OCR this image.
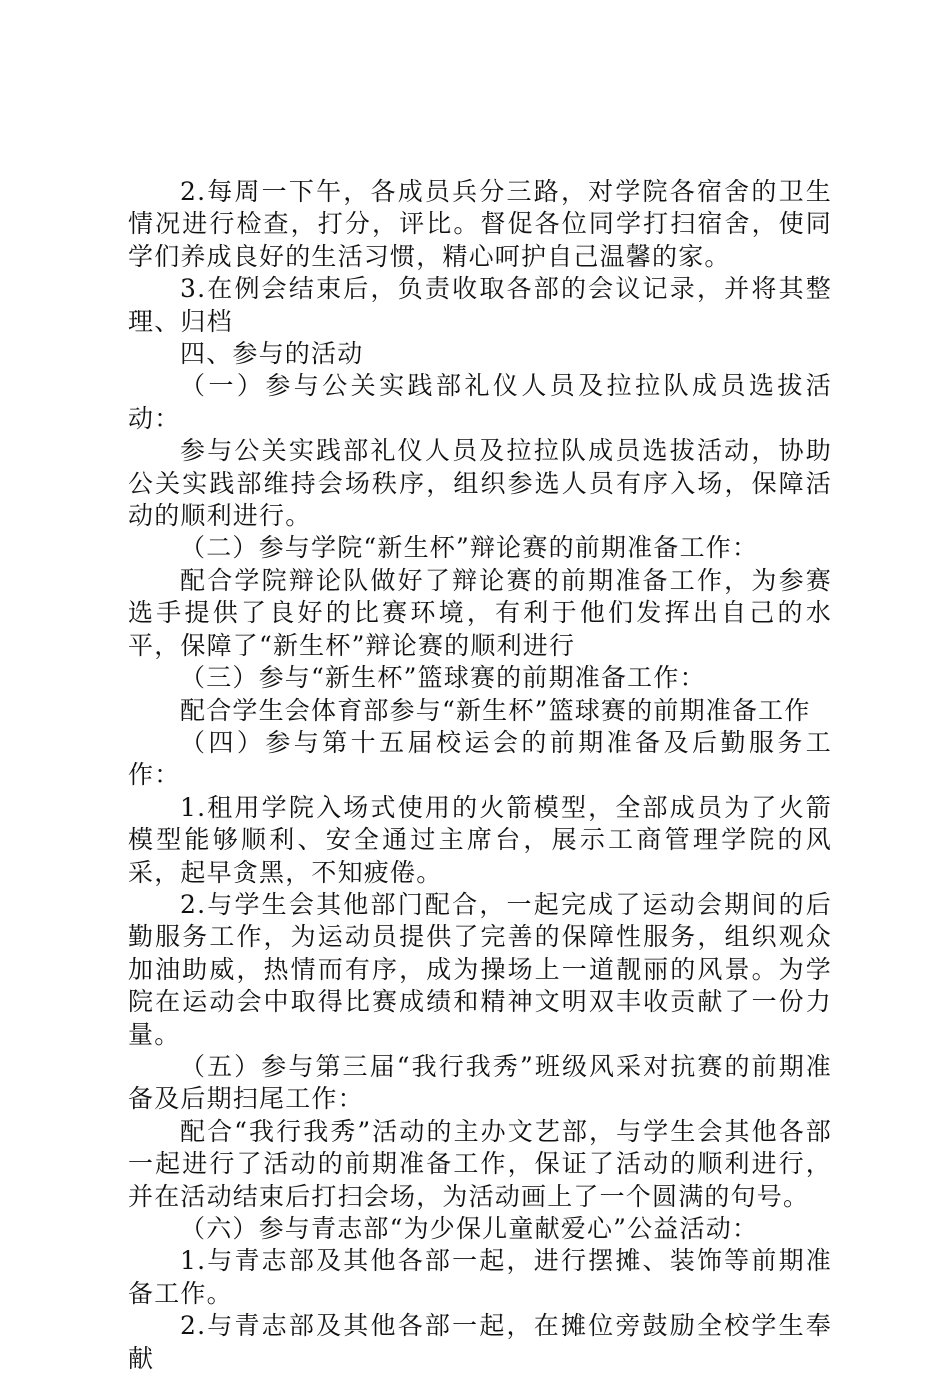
2.每周一下午，各成员兵分三路，对学院各宿舍的卫生情况进行检查，打分，评比。督促各位同学打扫宿舍，使同学们养成良好的生活习惯，精心呵护自己温馨的家。

3.在例会结束后，负责收取各部的会议记录，并将其整理、归档

四、参与的活动

（一）参与公关实践部礼仪人员及拉拉队成员选拔活动：

参与公关实践部礼仪人员及拉拉队成员选拔活动，协助公关实践部维持会场秩序，组织参选人员有序入场，保障活动的顺利进行。

（二）参与学院“新生杯”辩论赛的前期准备工作：

配合学院辩论队做好了辩论赛的前期准备工作，为参赛选手提供了良好的比赛环境，有利于他们发挥出自己的水平，保障了“新生杯”辩论赛的顺利进行

（三）参与“新生杯”篮球赛的前期准备工作：

配合学生会体育部参与“新生杯”篮球赛的前期准备工作

（四）参与第十五届校运会的前期准备及后勤服务工作：

1.租用学院入场式使用的火箭模型，全部成员为了火箭模型能够顺利、安全通过主席台，展示工商管理学院的风采，起早贪黑，不知疲倦。

2.与学生会其他部门配合，一起完成了运动会期间的后勤服务工作，为运动员提供了完善的保障性服务，组织观众加油助威，热情而有序，成为操场上一道靓丽的风景。为学院在运动会中取得比赛成绩和精神文明双丰收贡献了一份力量。

（五）参与第三届“我行我秀”班级风采对抗赛的前期准备及后期扫尾工作：

配合“我行我秀”活动的主办文艺部，与学生会其他各部一起进行了活动的前期准备工作，保证了活动的顺利进行，并在活动结束后打扫会场，为活动画上了一个圆满的句号。

（六）参与青志部“为少保儿童献爱心”公益活动：

1.与青志部及其他各部一起，进行摆摊、装饰等前期准备工作。

2.与青志部及其他各部一起，在摊位旁鼓励全校学生奉献
